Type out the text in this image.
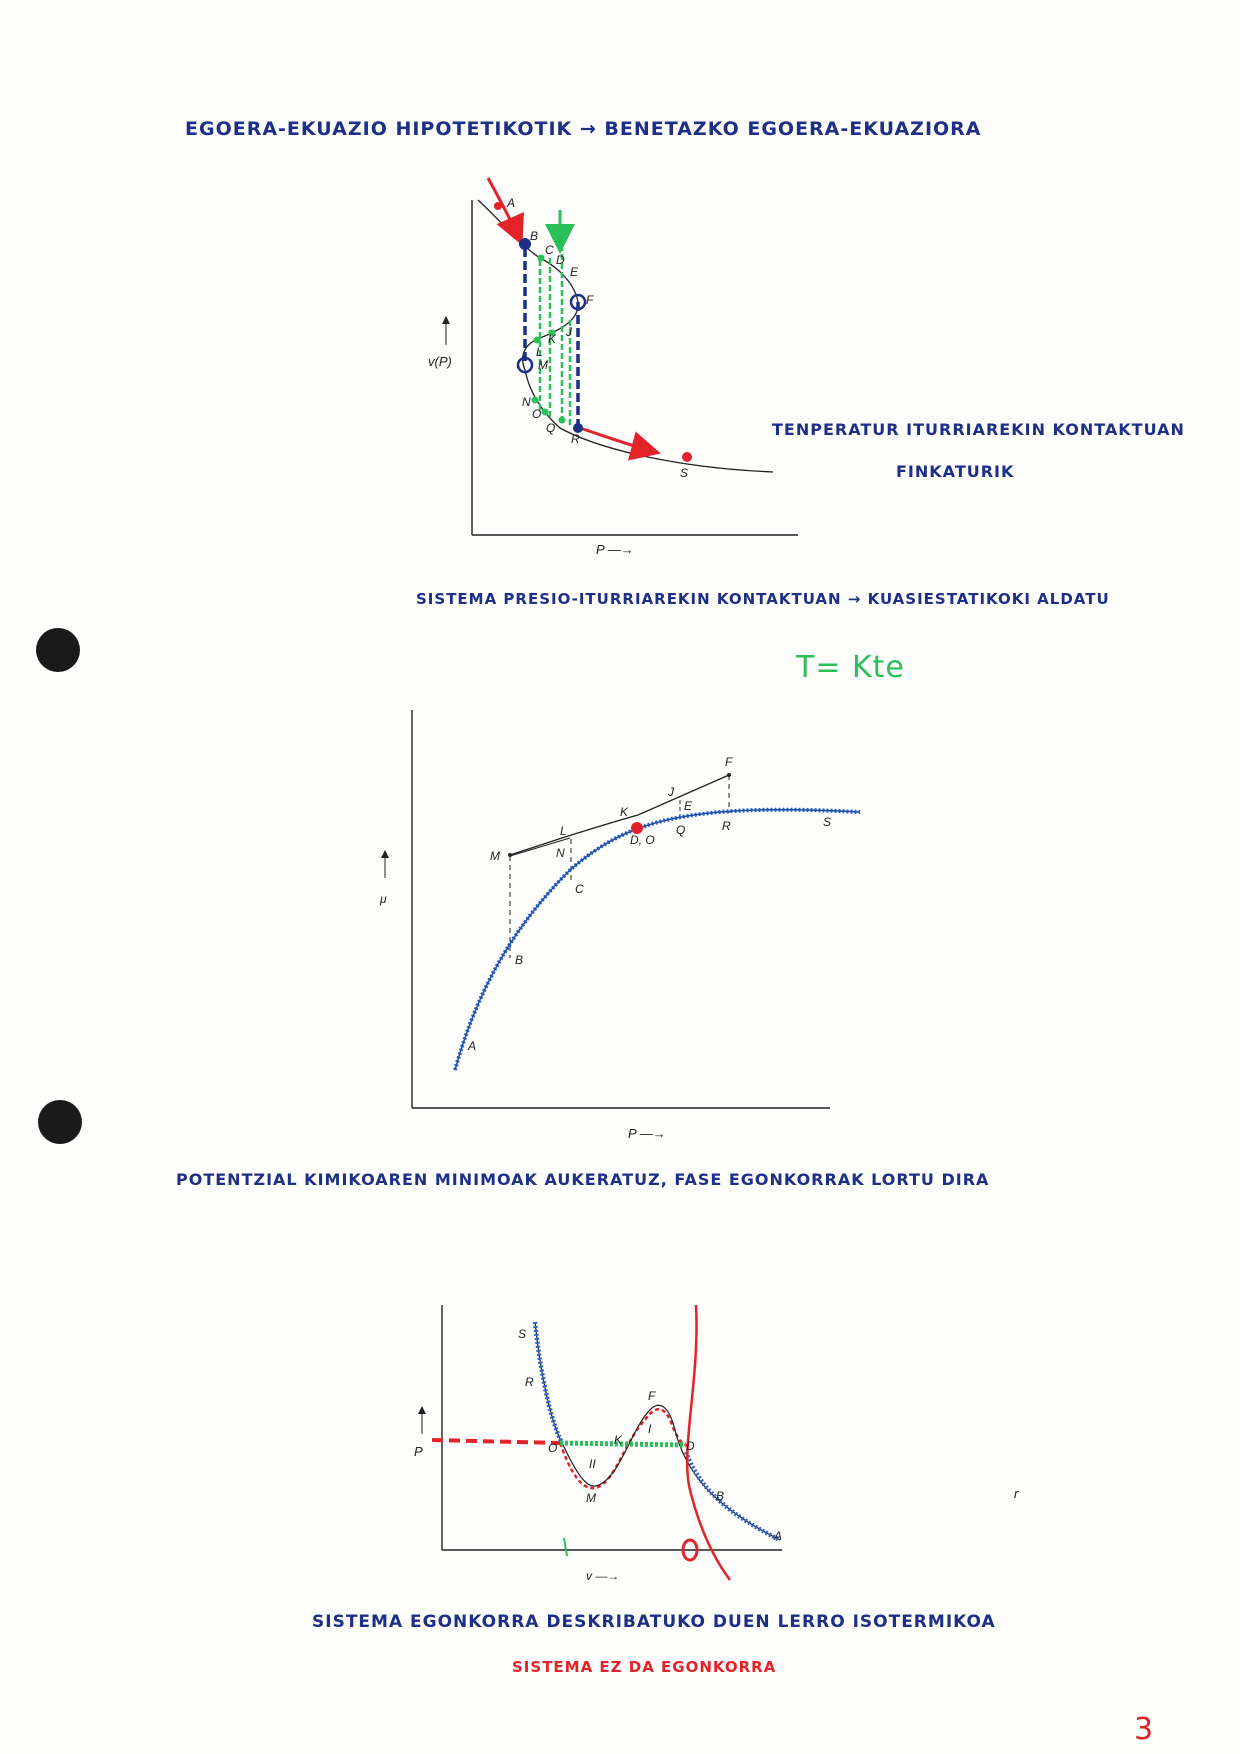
EGOERA-EKUAZIO HIPOTETIKOTIK → BENETAZKO EGOERA-EKUAZIORA
TENPERATUR ITURRIAREKIN KONTAKTUAN
FINKATURIK
SISTEMA PRESIO-ITURRIAREKIN KONTAKTUAN → KUASIESTATIKOKI ALDATU
T= Kte
POTENTZIAL KIMIKOAREN MINIMOAK AUKERATUZ, FASE EGONKORRAK LORTU DIRA
SISTEMA EGONKORRA DESKRIBATUKO DUEN LERRO ISOTERMIKOA
SISTEMA EZ DA EGONKORRA
3
v(P)
P —→
A
B
C
D
E
F
K J
L
M
N
O
Q
R
S
μ
P —→
F
J
E
K
L
M	N
D, O
Q	R	S
C
B
A
P
v —→
S
R
F
I
O
K	D
II
M	B
A
r
